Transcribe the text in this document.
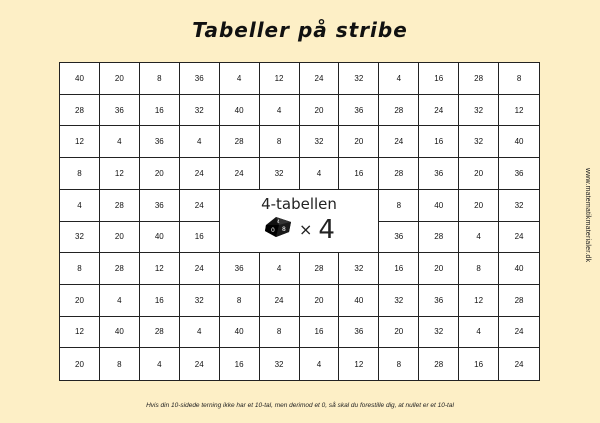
Tabeller på stribe
4-tabellen
0 8
4 × 4
40	20	8	36	4	12	24	32	4	16	28	8
28	36	16	32	40	4	20	36	28	24	32	12
12	4	36	4	28	8	32	20	24	16	32	40
8	12	20	24	24	32	4	16	28	36	20	36
4	28	36	24	8	40	20	32
32	20	40	16	36	28	4	24
8	28	12	24	36	4	28	32	16	20	8	40
20	4	16	32	8	24	20	40	32	36	12	28
12	40	28	4	40	8	16	36	20	32	4	24
20	8	4	24	16	32	4	12	8	28	16	24
www.matematikmaterialer.dk
Hvis din 10-sidede terning ikke har et 10-tal, men derimod et 0, så skal du forestille dig, at nullet er et 10-tal
